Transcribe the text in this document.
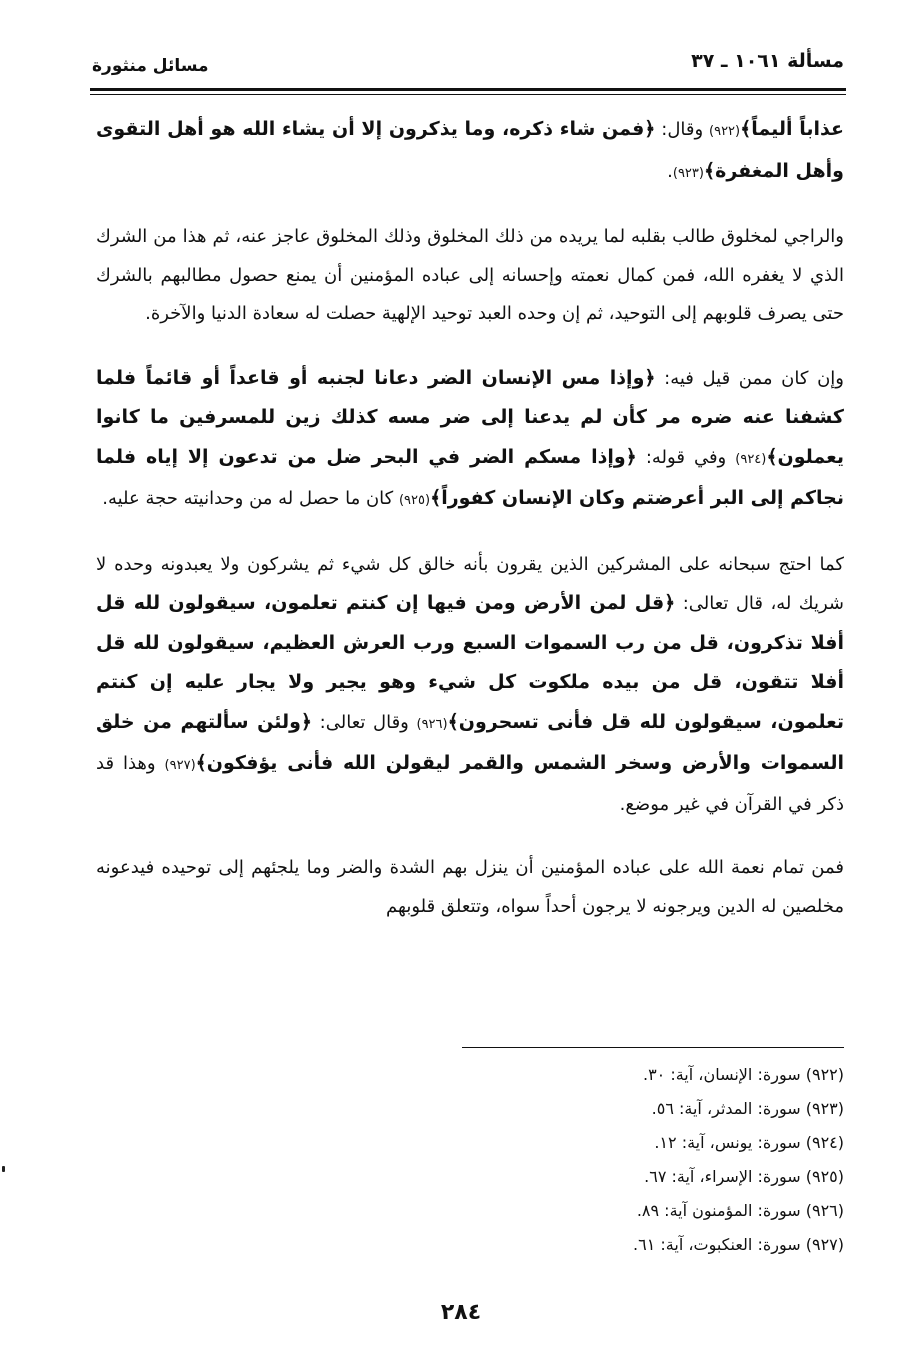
مسألة ١٠٦١ ـ ٣٧
مسائل منثورة

عذاباً أليماً﴾(٩٢٢) وقال: ﴿فمن شاء ذكره، وما يذكرون إلا أن يشاء الله هو أهل التقوى وأهل المغفرة﴾(٩٢٣).

والراجي لمخلوق طالب بقلبه لما يريده من ذلك المخلوق وذلك المخلوق عاجز عنه، ثم هذا من الشرك الذي لا يغفره الله، فمن كمال نعمته وإحسانه إلى عباده المؤمنين أن يمنع حصول مطالبهم بالشرك حتى يصرف قلوبهم إلى التوحيد، ثم إن وحده العبد توحيد الإلهية حصلت له سعادة الدنيا والآخرة.

وإن كان ممن قيل فيه: ﴿وإذا مس الإنسان الضر دعانا لجنبه أو قاعداً أو قائماً فلما كشفنا عنه ضره مر كأن لم يدعنا إلى ضر مسه كذلك زين للمسرفين ما كانوا يعملون﴾(٩٢٤) وفي قوله: ﴿وإذا مسكم الضر في البحر ضل من تدعون إلا إياه فلما نجاكم إلى البر أعرضتم وكان الإنسان كفوراً﴾(٩٢٥) كان ما حصل له من وحدانيته حجة عليه.

كما احتج سبحانه على المشركين الذين يقرون بأنه خالق كل شيء ثم يشركون ولا يعبدونه وحده لا شريك له، قال تعالى: ﴿قل لمن الأرض ومن فيها إن كنتم تعلمون، سيقولون لله قل أفلا تذكرون، قل من رب السموات السبع ورب العرش العظيم، سيقولون لله قل أفلا تتقون، قل من بيده ملكوت كل شيء وهو يجير ولا يجار عليه إن كنتم تعلمون، سيقولون لله قل فأنى تسحرون﴾(٩٢٦) وقال تعالى: ﴿ولئن سألتهم من خلق السموات والأرض وسخر الشمس والقمر ليقولن الله فأنى يؤفكون﴾(٩٢٧) وهذا قد ذكر في القرآن في غير موضع.

فمن تمام نعمة الله على عباده المؤمنين أن ينزل بهم الشدة والضر وما يلجئهم إلى توحيده فيدعونه مخلصين له الدين ويرجونه لا يرجون أحداً سواه، وتتعلق قلوبهم

(٩٢٢) سورة: الإنسان، آية: ٣٠.
(٩٢٣) سورة: المدثر، آية: ٥٦.
(٩٢٤) سورة: يونس، آية: ١٢.
(٩٢٥) سورة: الإسراء، آية: ٦٧.
(٩٢٦) سورة: المؤمنون آية: ٨٩.
(٩٢٧) سورة: العنكبوت، آية: ٦١.
٢٨٤
